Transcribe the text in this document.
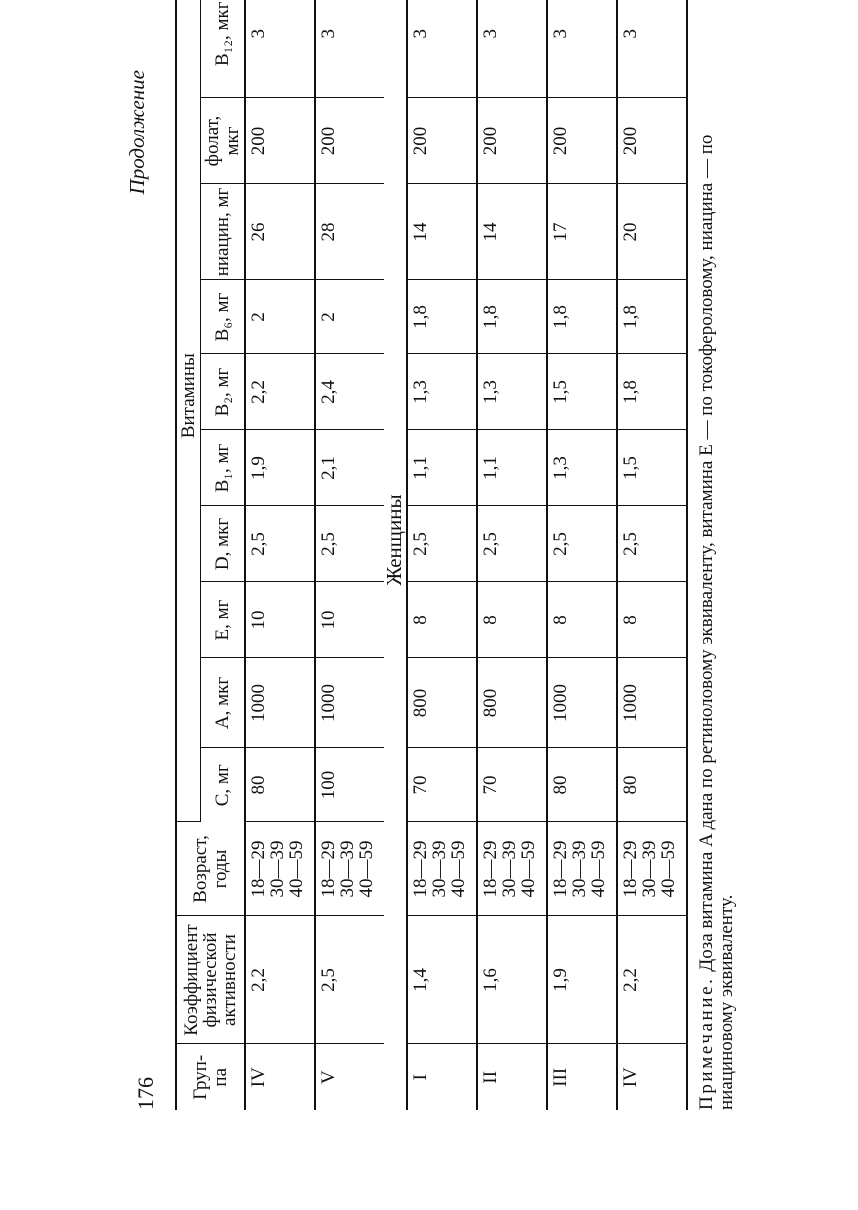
176
Продолжение
Груп-
па	Коэффициент
физической
активности	Возраст,
годы	Витамины									
			C, мг	A, мкг	E, мг	D, мкг	B₁, мг	B₂, мг	B₆, мг	ниацин, мг	фолат, мкг	B₁₂, мкг
IV	2,2	18—29
30—39
40—59	80	1000	10	2,5	1,9	2,2	2	26	200	3
V	2,5	18—29
30—39
40—59	100	1000	10	2,5	2,1	2,4	2	28	200	3
Женщины												
I	1,4	18—29
30—39
40—59	70	800	8	2,5	1,1	1,3	1,8	14	200	3
II	1,6	18—29
30—39
40—59	70	800	8	2,5	1,1	1,3	1,8	14	200	3
III	1,9	18—29
30—39
40—59	80	1000	8	2,5	1,3	1,5	1,8	17	200	3
IV	2,2	18—29
30—39
40—59	80	1000	8	2,5	1,5	1,8	1,8	20	200	3
Примечание. Доза витамина A дана по ретиноловому эквиваленту, витамина E — по токофероловому, ниацина — по ниациновому эквиваленту.
